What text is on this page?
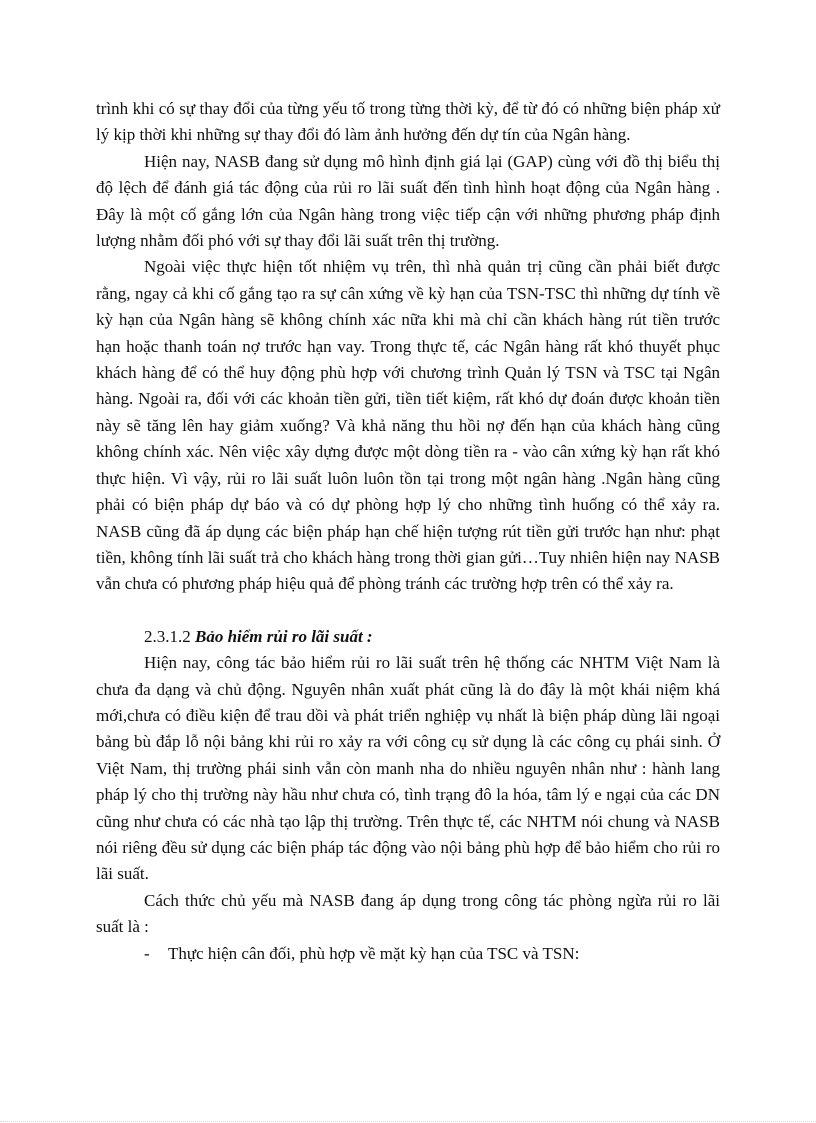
trình khi có sự thay đổi của từng yếu tố trong từng thời kỳ, để từ đó có những biện pháp xử lý kịp thời khi những sự thay đổi đó làm ảnh hưởng đến dự tín của Ngân hàng.

Hiện nay, NASB đang sử dụng mô hình định giá lại (GAP) cùng với đồ thị biểu thị độ lệch để đánh giá tác động của rủi ro lãi suất đến tình hình hoạt động của Ngân hàng . Đây là một cố gắng lớn của Ngân hàng trong việc tiếp cận với những phương pháp định lượng nhằm đối phó với sự thay đổi lãi suất trên thị trường.

Ngoài việc thực hiện tốt nhiệm vụ trên, thì nhà quản trị cũng cần phải biết được rằng, ngay cả khi cố gắng tạo ra sự cân xứng về kỳ hạn của TSN-TSC thì những dự tính về kỳ hạn của Ngân hàng sẽ không chính xác nữa khi mà chỉ cần khách hàng rút tiền trước hạn hoặc thanh toán nợ trước hạn vay. Trong thực tế, các Ngân hàng rất khó thuyết phục khách hàng để có thể huy động phù hợp với chương trình Quản lý TSN và TSC tại Ngân hàng. Ngoài ra, đối với các khoản tiền gửi, tiền tiết kiệm, rất khó dự đoán được khoản tiền này sẽ tăng lên hay giảm xuống? Và khả năng thu hồi nợ đến hạn của khách hàng cũng không chính xác. Nên việc xây dựng được một dòng tiền ra - vào cân xứng kỳ hạn rất khó thực hiện. Vì vậy, rủi ro lãi suất luôn luôn tồn tại trong một ngân hàng .Ngân hàng cũng phải có biện pháp dự báo và có dự phòng hợp lý cho những tình huống có thể xảy ra. NASB cũng đã áp dụng các biện pháp hạn chế hiện tượng rút tiền gửi trước hạn như: phạt tiền, không tính lãi suất trả cho khách hàng trong thời gian gửi…Tuy nhiên hiện nay NASB vẫn chưa có phương pháp hiệu quả để phòng tránh các trường hợp trên có thể xảy ra.

2.3.1.2 Bảo hiểm rủi ro lãi suất :

Hiện nay, công tác bảo hiểm rủi ro lãi suất trên hệ thống các NHTM Việt Nam là chưa đa dạng và chủ động. Nguyên nhân xuất phát cũng là do đây là một khái niệm khá mới,chưa có điều kiện để trau dồi và phát triển nghiệp vụ nhất là biện pháp dùng lãi ngoại bảng bù đắp lỗ nội bảng khi rủi ro xảy ra với công cụ sử dụng là các công cụ phái sinh. Ở Việt Nam, thị trường phái sinh vẫn còn manh nha do nhiều nguyên nhân như : hành lang pháp lý cho thị trường này hầu như chưa có, tình trạng đô la hóa, tâm lý e ngại của các DN cũng như chưa có các nhà tạo lập thị trường. Trên thực tế, các NHTM nói chung và NASB nói riêng đều sử dụng các biện pháp tác động vào nội bảng phù hợp để bảo hiểm cho rủi ro lãi suất.

Cách thức chủ yếu mà NASB đang áp dụng trong công tác phòng ngừa rủi ro lãi suất là :

-	Thực hiện cân đối, phù hợp về mặt kỳ hạn của TSC và TSN:
